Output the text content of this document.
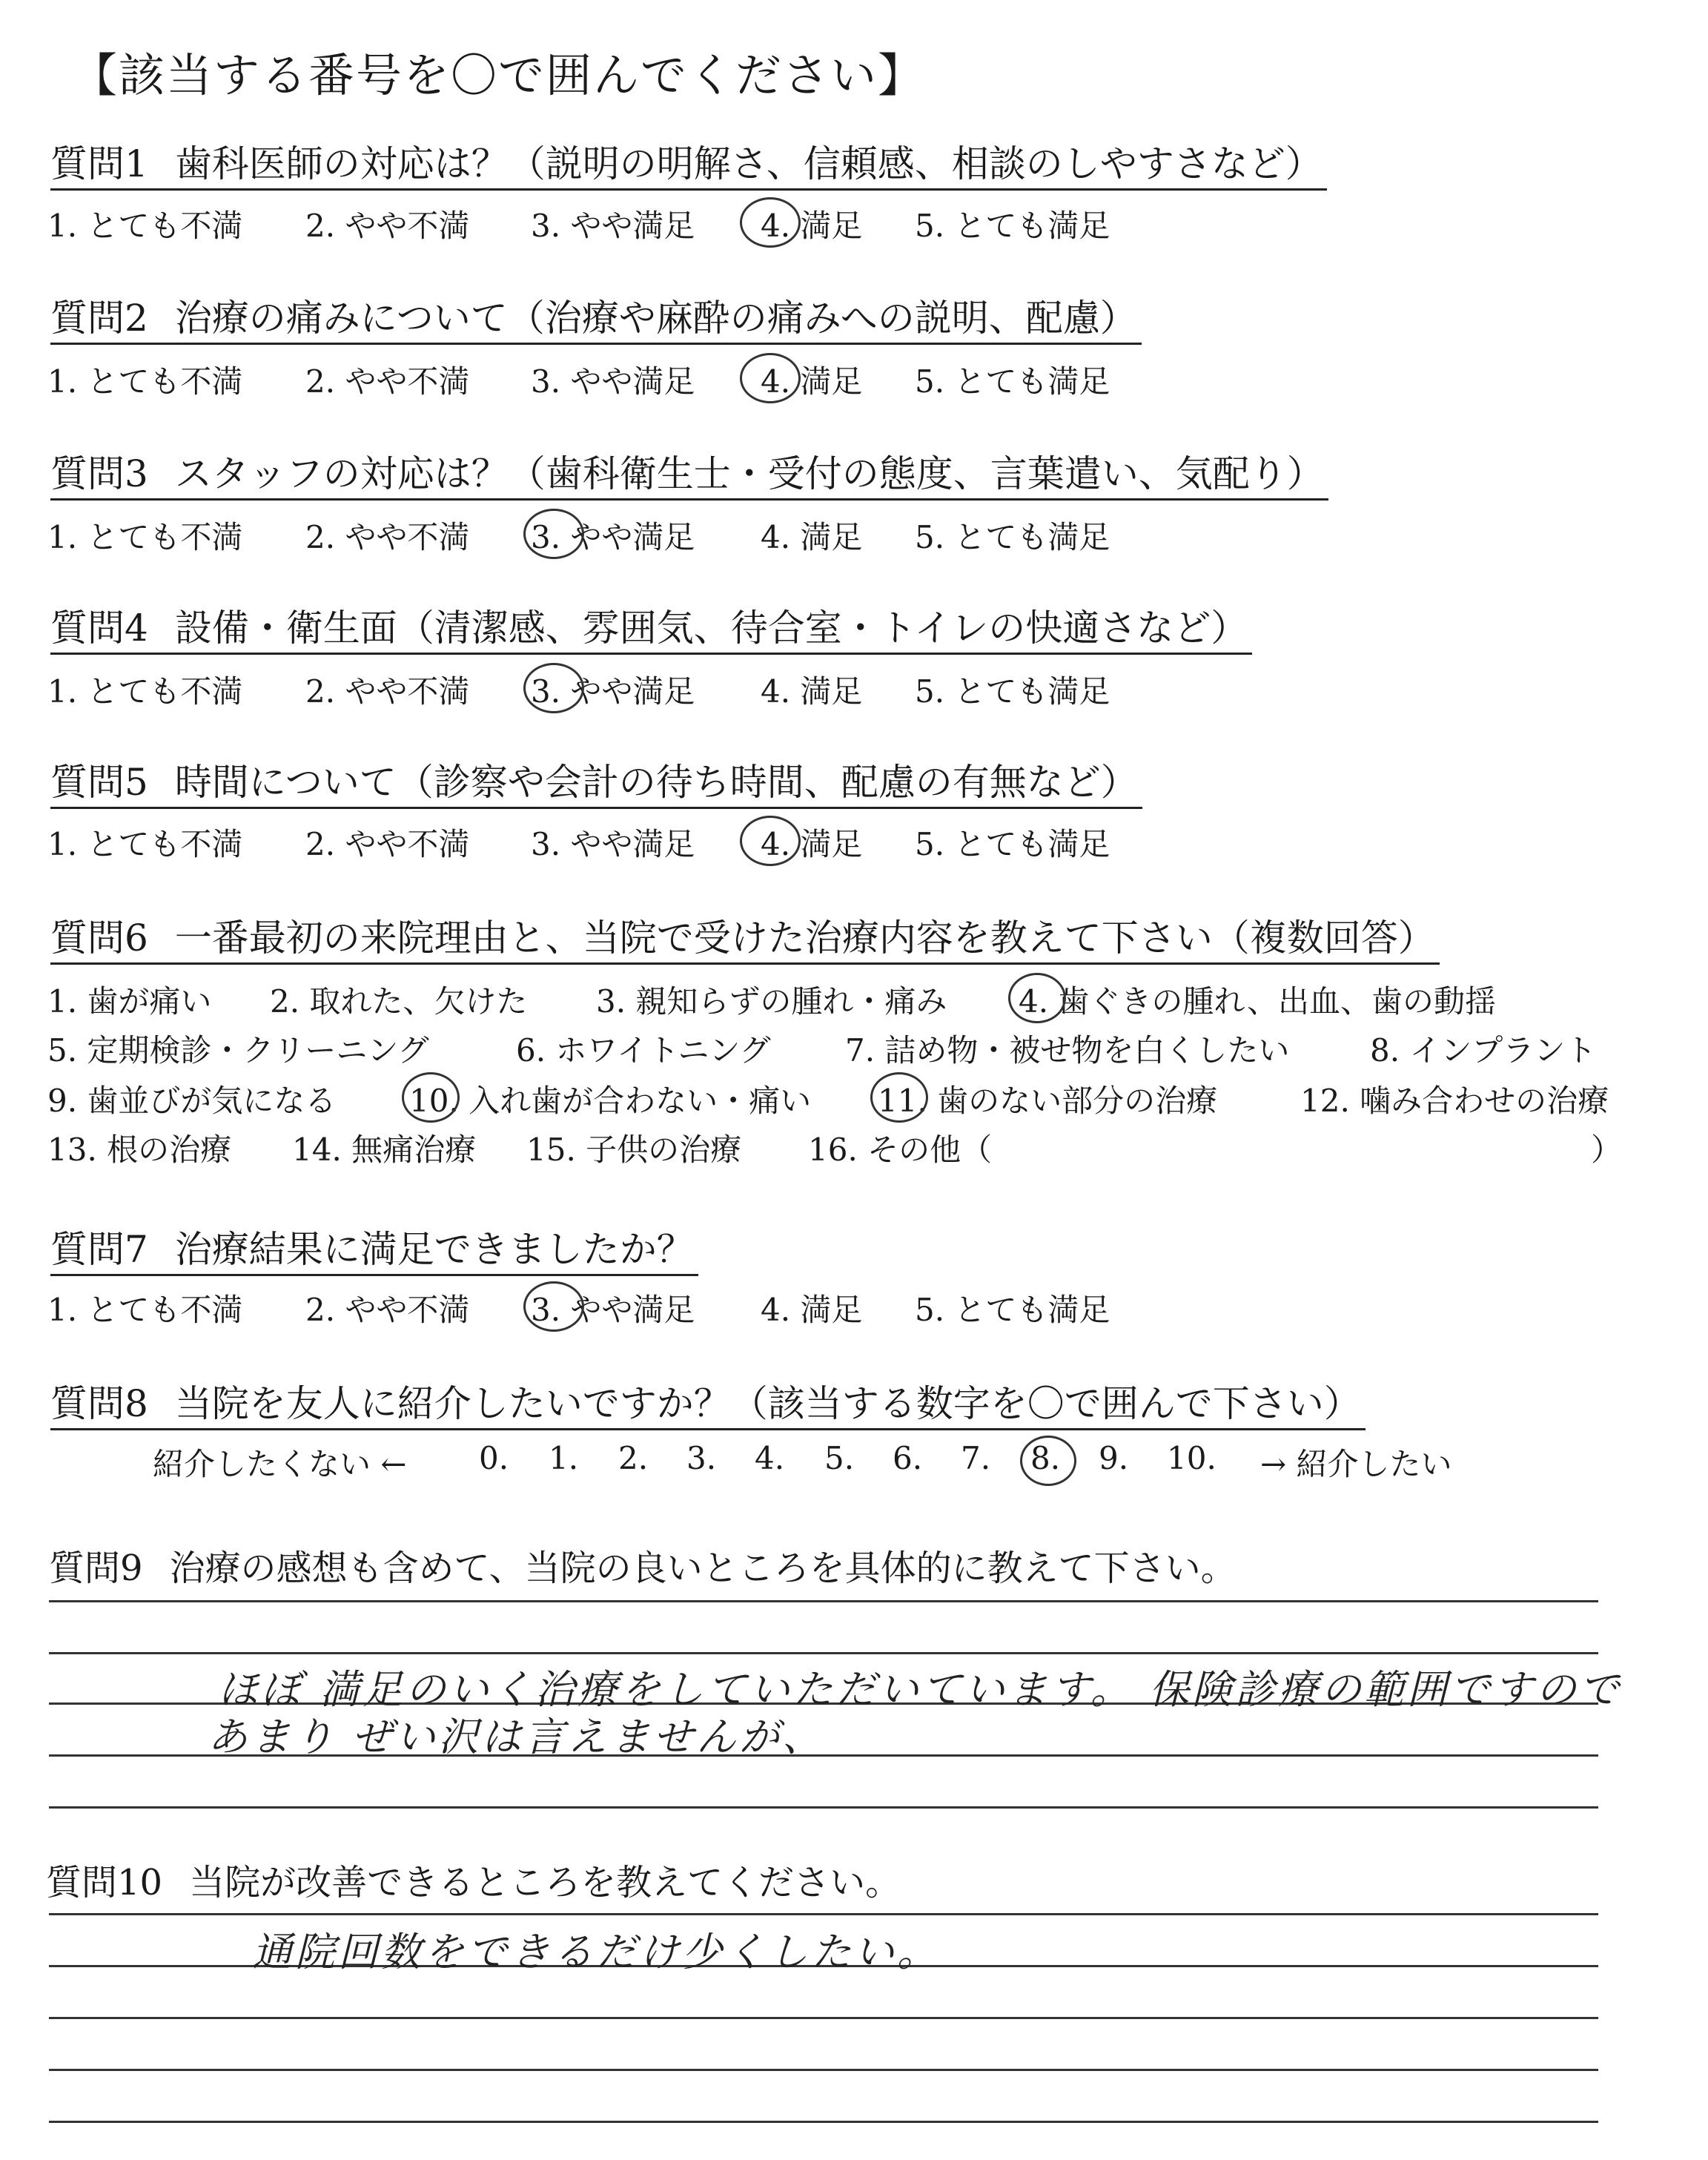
【該当する番号を〇で囲んでください】
質問1 歯科医師の対応は？（説明の明解さ、信頼感、相談のしやすさなど）
1. とても不満 2. やや不満 3. やや満足 4. 満足 5. とても満足
質問2 治療の痛みについて（治療や麻酔の痛みへの説明、配慮）
1. とても不満 2. やや不満 3. やや満足 4. 満足 5. とても満足
質問3 スタッフの対応は？（歯科衛生士・受付の態度、言葉遣い、気配り）
1. とても不満 2. やや不満 3. やや満足 4. 満足 5. とても満足
質問4 設備・衛生面（清潔感、雰囲気、待合室・トイレの快適さなど）
1. とても不満 2. やや不満 3. やや満足 4. 満足 5. とても満足
質問5 時間について（診察や会計の待ち時間、配慮の有無など）
1. とても不満 2. やや不満 3. やや満足 4. 満足 5. とても満足
質問6 一番最初の来院理由と、当院で受けた治療内容を教えて下さい（複数回答）
1. 歯が痛い 2. 取れた、欠けた 3. 親知らずの腫れ・痛み 4. 歯ぐきの腫れ、出血、歯の動揺
5. 定期検診・クリーニング	6. ホワイトニング 7. 詰め物・被せ物を白くしたい	8. インプラント
9. 歯並びが気になる 10. 入れ歯が合わない・痛い 11. 歯のない部分の治療	12. 噛み合わせの治療
13. 根の治療 14. 無痛治療 15. 子供の治療 16. その他（	）
質問7 治療結果に満足できましたか？
1. とても不満 2. やや不満 3. やや満足 4. 満足 5. とても満足
質問8 当院を友人に紹介したいですか？（該当する数字を〇で囲んで下さい）
紹介したくない ← 0. 1. 2. 3. 4. 5. 6. 7. 8. 9. 10. → 紹介したい
質問9 治療の感想も含めて、当院の良いところを具体的に教えて下さい。
ほぼ 満足のいく治療をしていただいています。 保険診療の範囲ですので
あまり ぜい沢は言えませんが、
質問10 当院が改善できるところを教えてください。
通院回数をできるだけ少くしたい。
